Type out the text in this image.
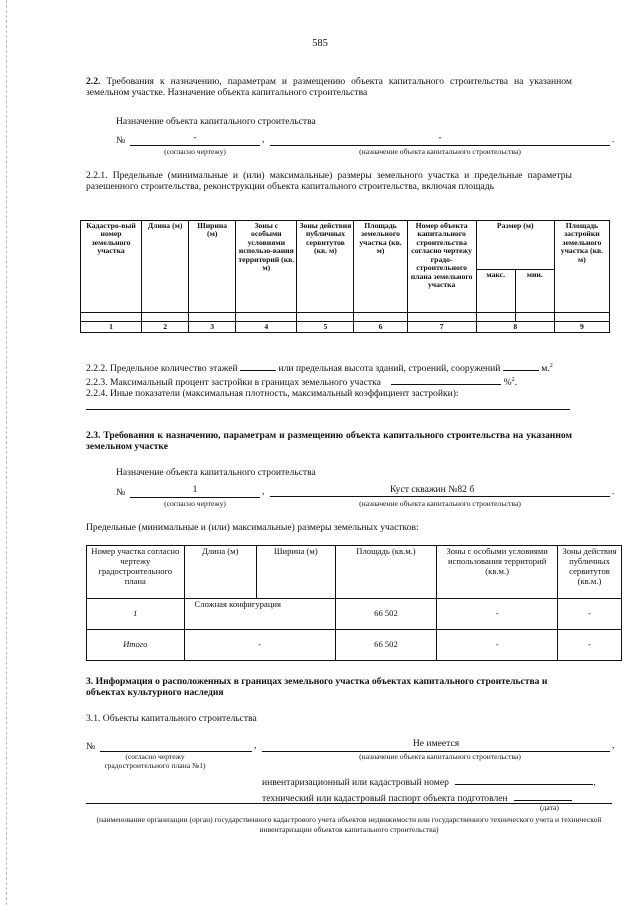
585
2.2. Требования к назначению, параметрам и размещению объекта капитального строительства на указанном земельном участке. Назначение объекта капитального строительства
Назначение объекта капитального строительства
№	-	,	-	.
(согласно чертежу)	(назначение объекта капитального строительства)
2.2.1. Предельные (минимальные и (или) максимальные) размеры земельного участка и предельные параметры разешенного строительства, реконструкции объекта капитального строительства, включая площадь
Кадастро-вый номер земельного участка	Длина (м)	Ширина (м)	Зоны с особыми условиями использо-вания территорий (кв. м)	Зоны действия публичных сервитутов (кв. м)	Площадь земельного участка (кв. м)	Номер объекта капитального строительства согласно чертежу градо-строительного плана земельного участка	Размер (м)		Площадь застройки земельного участка (кв. м)
							макс.	мин.	

1	2	3	4	5	6	7	8		9
2.2.2. Предельное количество этажей	или предельная высота зданий, строений, сооружений	м.$^2$
2.2.3. Максимальный процент застройки в границах земельного участка	%$^2$.
2.2.4. Иные показатели (максимальная плотность, максимальный коэффициент застройки):
2.3. Требования к назначению, параметрам и размещению объекта капитального строительства на указанном земельном участке
Назначение объекта капитального строительства
№	1	,	Куст скважин №82 б	.
(согласно чертежу)	(назначение объекта капитального строительства)
Предельные (минимальные и (или) максимальные) размеры земельных участков:
Номер участка согласно чертежу градостроительного плана	Длина (м)	Ширина (м)	Площадь (кв.м.)	Зоны с особыми условиями использования территорий (кв.м.)	Зоны действия публичных сервитутов (кв.м.)
1	Сложная конфигурация		66 502	-	-
Итого	-		66 502	-	-
3. Информация о расположенных в границах земельного участка объектах капитального строительства и объектах культурного наследия
3.1. Объекты капитального строительства
№	,	Не имеется	,
(согласно чертежу градостроительного плана №1)
(назначение объекта капитального строительства)
инвентаризационный или кадастровый номер	,
технический или кадастровый паспорт объекта подготовлен
(дата)
(наименование организации (орган) государственного кадастрового учета объектов недвижимости или государственного технического учета и технической инвентаризации объектов капитального строительства)
